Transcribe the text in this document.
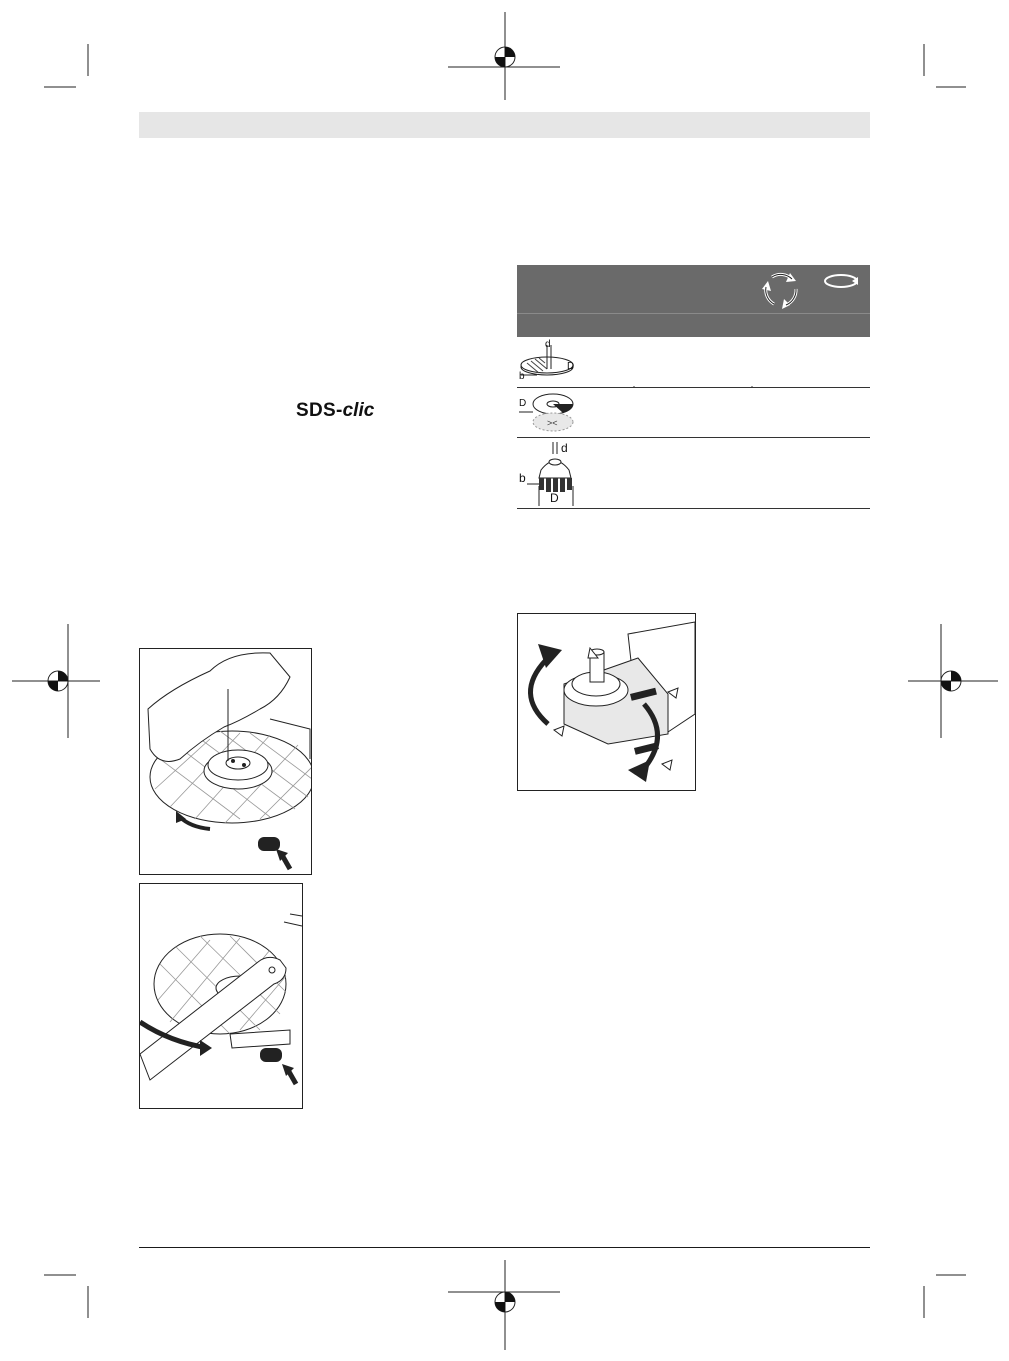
SDS-clic
d
b
D
><
D
d
b
D
